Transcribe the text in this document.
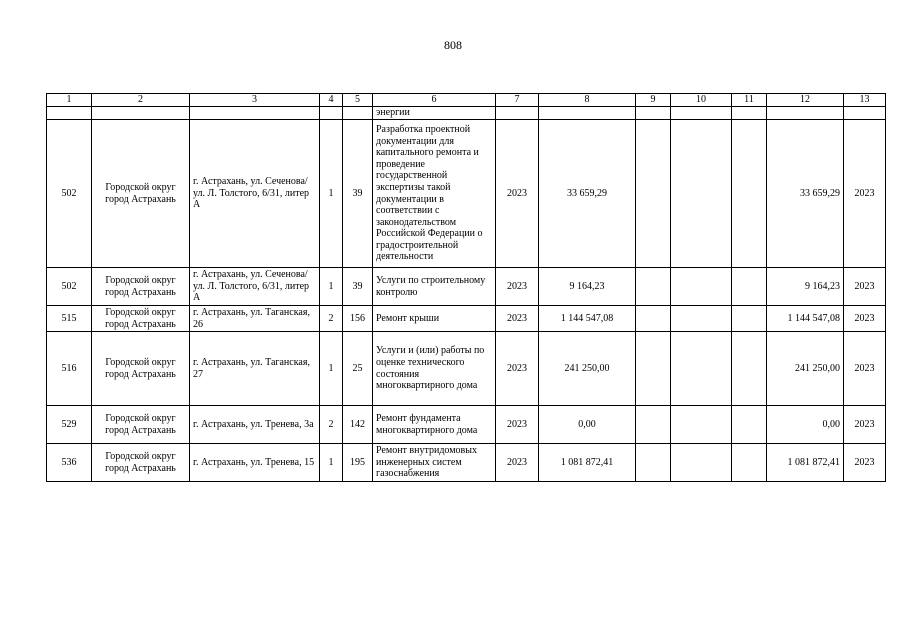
808
1	2	3	4	5	6	7	8	9	10	11	12	13
					энергии							
502	Городской округ город Астрахань	г. Астрахань, ул. Сеченова/ ул. Л. Толстого, 6/31, литер А	1	39	Разработка проектной документации для капитального ремонта и проведение государственной экспертизы такой документации в соответствии с законодательством Российской Федерации о градостроительной деятельности	2023	33 659,29				33 659,29	2023
502	Городской округ город Астрахань	г. Астрахань, ул. Сеченова/ ул. Л. Толстого, 6/31, литер А	1	39	Услуги по строительному контролю	2023	9 164,23				9 164,23	2023
515	Городской округ город Астрахань	г. Астрахань, ул. Таганская, 26	2	156	Ремонт крыши	2023	1 144 547,08				1 144 547,08	2023
516	Городской округ город Астрахань	г. Астрахань, ул. Таганская, 27	1	25	Услуги и (или) работы по оценке технического состояния многоквартирного дома	2023	241 250,00				241 250,00	2023
529	Городской округ город Астрахань	г. Астрахань, ул. Тренева, 3а	2	142	Ремонт фундамента многоквартирного дома	2023	0,00				0,00	2023
536	Городской округ город Астрахань	г. Астрахань, ул. Тренева, 15	1	195	Ремонт внутридомовых инженерных систем газоснабжения	2023	1 081 872,41				1 081 872,41	2023
